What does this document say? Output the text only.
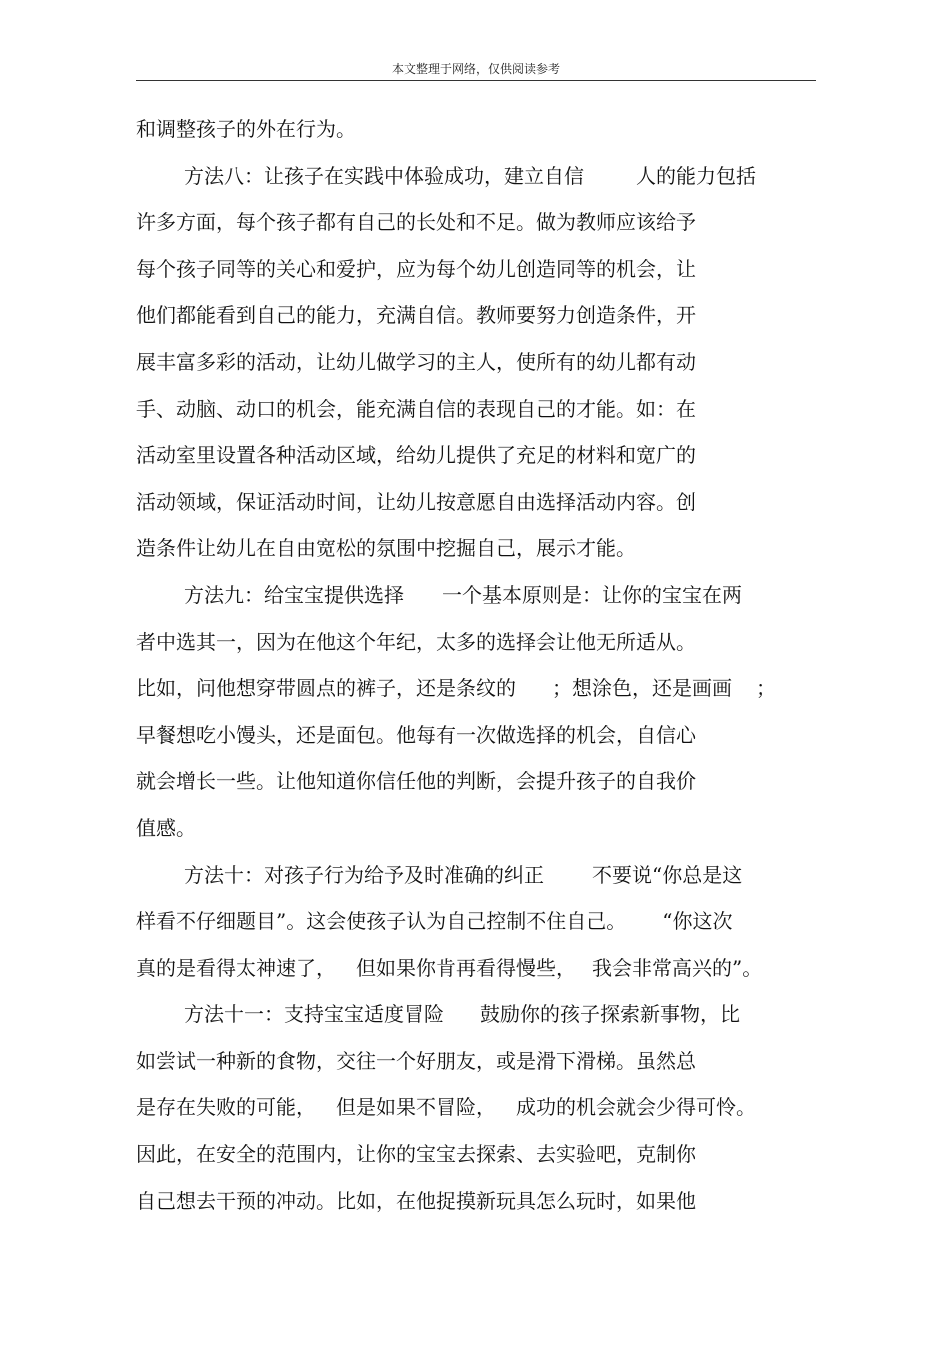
本文整理于网络，仅供阅读参考
和调整孩子的外在行为。
方法八：让孩子在实践中体验成功，建立自信	人的能力包括
许多方面，每个孩子都有自己的长处和不足。做为教师应该给予
每个孩子同等的关心和爱护，应为每个幼儿创造同等的机会，让
他们都能看到自己的能力，充满自信。教师要努力创造条件，开
展丰富多彩的活动，让幼儿做学习的主人，使所有的幼儿都有动
手、动脑、动口的机会，能充满自信的表现自己的才能。如：在
活动室里设置各种活动区域，给幼儿提供了充足的材料和宽广的
活动领域，保证活动时间，让幼儿按意愿自由选择活动内容。创
造条件让幼儿在自由宽松的氛围中挖掘自己，展示才能。
方法九：给宝宝提供选择 一个基本原则是：让你的宝宝在两
者中选其一，因为在他这个年纪，太多的选择会让他无所适从。
比如，问他想穿带圆点的裤子，还是条纹的 ；想涂色，还是画画 ；
早餐想吃小馒头，还是面包。他每有一次做选择的机会，自信心
就会增长一些。让他知道你信任他的判断，会提升孩子的自我价
值感。
方法十：对孩子行为给予及时准确的纠正 不要说“你总是这
样看不仔细题目”。这会使孩子认为自己控制不住自己。 “你这次
真的是看得太神速了， 但如果你肯再看得慢些， 我会非常高兴的”。
方法十一：支持宝宝适度冒险 鼓励你的孩子探索新事物，比
如尝试一种新的食物，交往一个好朋友，或是滑下滑梯。虽然总
是存在失败的可能， 但是如果不冒险， 成功的机会就会少得可怜。
因此，在安全的范围内，让你的宝宝去探索、去实验吧，克制你
自己想去干预的冲动。比如，在他捉摸新玩具怎么玩时，如果他
